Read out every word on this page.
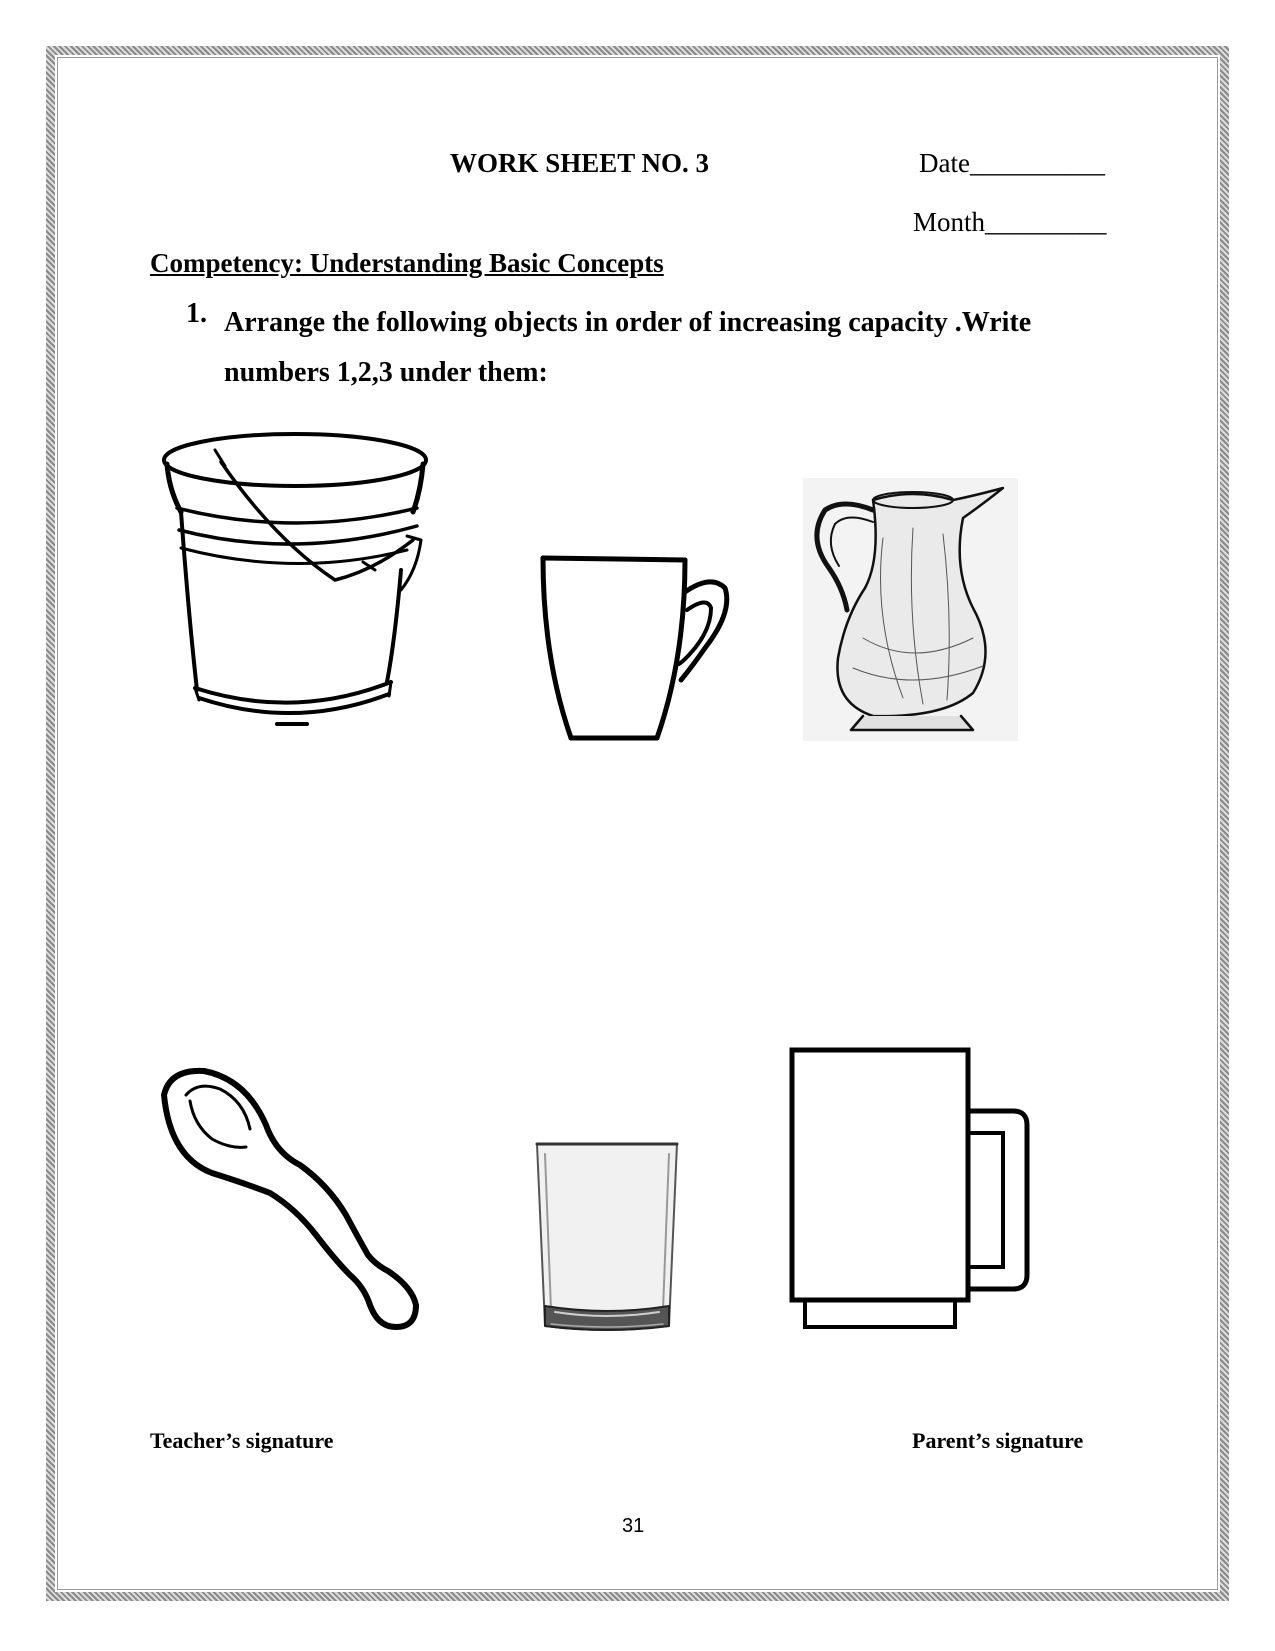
WORK SHEET NO. 3	Date__________
Month_________
Competency: Understanding Basic Concepts
1. Arrange the following objects in order of increasing capacity .Write numbers 1,2,3 under them:
Teacher’s signature	Parent’s signature
31
